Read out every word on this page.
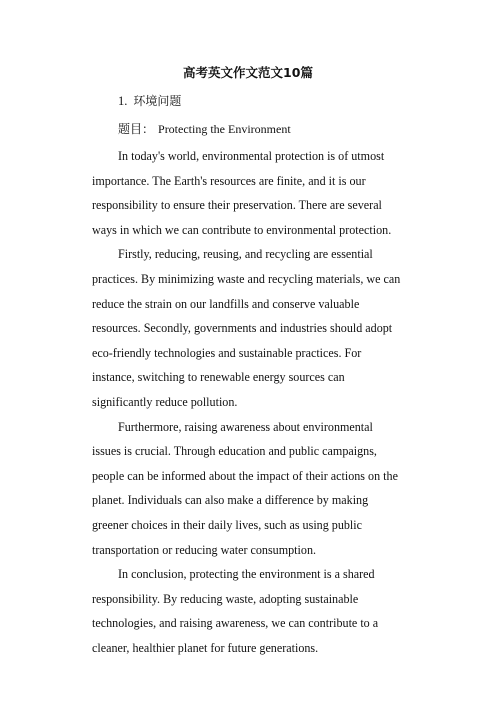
高考英文作文范文10篇
1. 环境问题
题目： Protecting the Environment

In today's world, environmental protection is of utmost importance. The Earth's resources are finite, and it is our responsibility to ensure their preservation. There are several ways in which we can contribute to environmental protection.

Firstly, reducing, reusing, and recycling are essential practices. By minimizing waste and recycling materials, we can reduce the strain on our landfills and conserve valuable resources. Secondly, governments and industries should adopt eco-friendly technologies and sustainable practices. For instance, switching to renewable energy sources can significantly reduce pollution.

Furthermore, raising awareness about environmental issues is crucial. Through education and public campaigns, people can be informed about the impact of their actions on the planet. Individuals can also make a difference by making greener choices in their daily lives, such as using public transportation or reducing water consumption.

In conclusion, protecting the environment is a shared responsibility. By reducing waste, adopting sustainable technologies, and raising awareness, we can contribute to a cleaner, healthier planet for future generations.
